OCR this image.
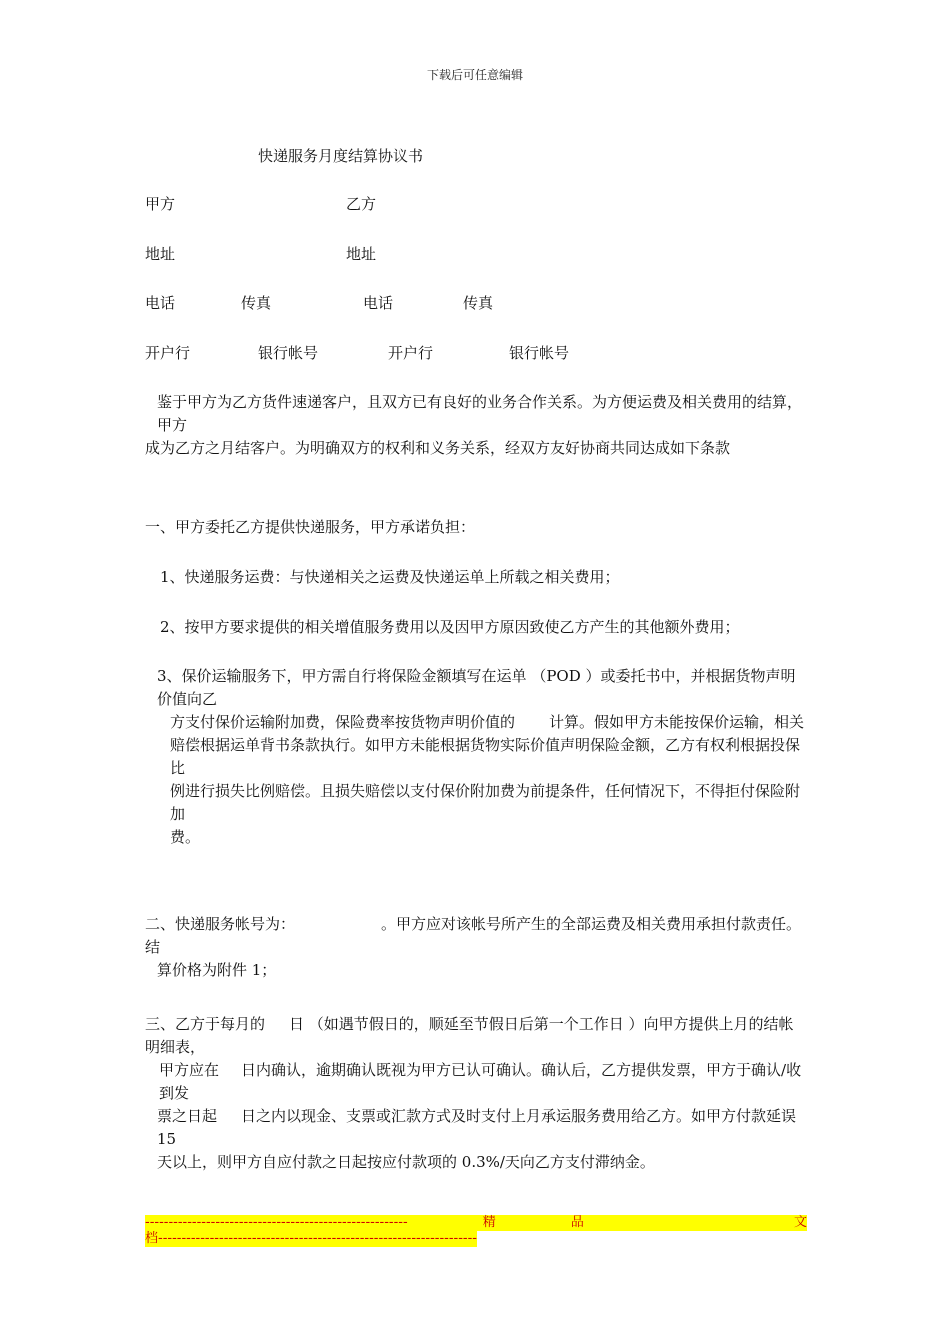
下载后可任意编辑
快递服务月度结算协议书
甲方	乙方
地址	地址
电话	传真	电话	传真
开户行	银行帐号	开户行	银行帐号

鉴于甲方为乙方货件速递客户，且双方已有良好的业务合作关系。为方便运费及相关费用的结算，甲方

成为乙方之月结客户。为明确双方的权利和义务关系，经双方友好协商共同达成如下条款

一、甲方委托乙方提供快递服务，甲方承诺负担：
1、快递服务运费：与快递相关之运费及快递运单上所载之相关费用；
2、按甲方要求提供的相关增值服务费用以及因甲方原因致使乙方产生的其他额外费用；

3、保价运输服务下，甲方需自行将保险金额填写在运单 （POD ）或委托书中，并根据货物声明价值向乙

方支付保价运输附加费，保险费率按货物声明价值的 计算。假如甲方未能按保价运输，相关

赔偿根据运单背书条款执行。如甲方未能根据货物实际价值声明保险金额，乙方有权利根据投保比

例进行损失比例赔偿。且损失赔偿以支付保价附加费为前提条件，任何情况下，不得拒付保险附加

费。

二、快递服务帐号为：	。甲方应对该帐号所产生的全部运费及相关费用承担付款责任。结

算价格为附件 1；

三、乙方于每月的 日 （如遇节假日的，顺延至节假日后第一个工作日 ）向甲方提供上月的结帐明细表，

甲方应在 日内确认，逾期确认既视为甲方已认可确认。确认后，乙方提供发票，甲方于确认/收到发

票之日起 日之内以现金、支票或汇款方式及时支付上月承运服务费用给乙方。如甲方付款延误 15

天以上，则甲方自应付款之日起按应付款项的 0.3%/天向乙方支付滞纳金。

--------------------------------------------------------	精	品	文
档--------------------------------------------------------------------
